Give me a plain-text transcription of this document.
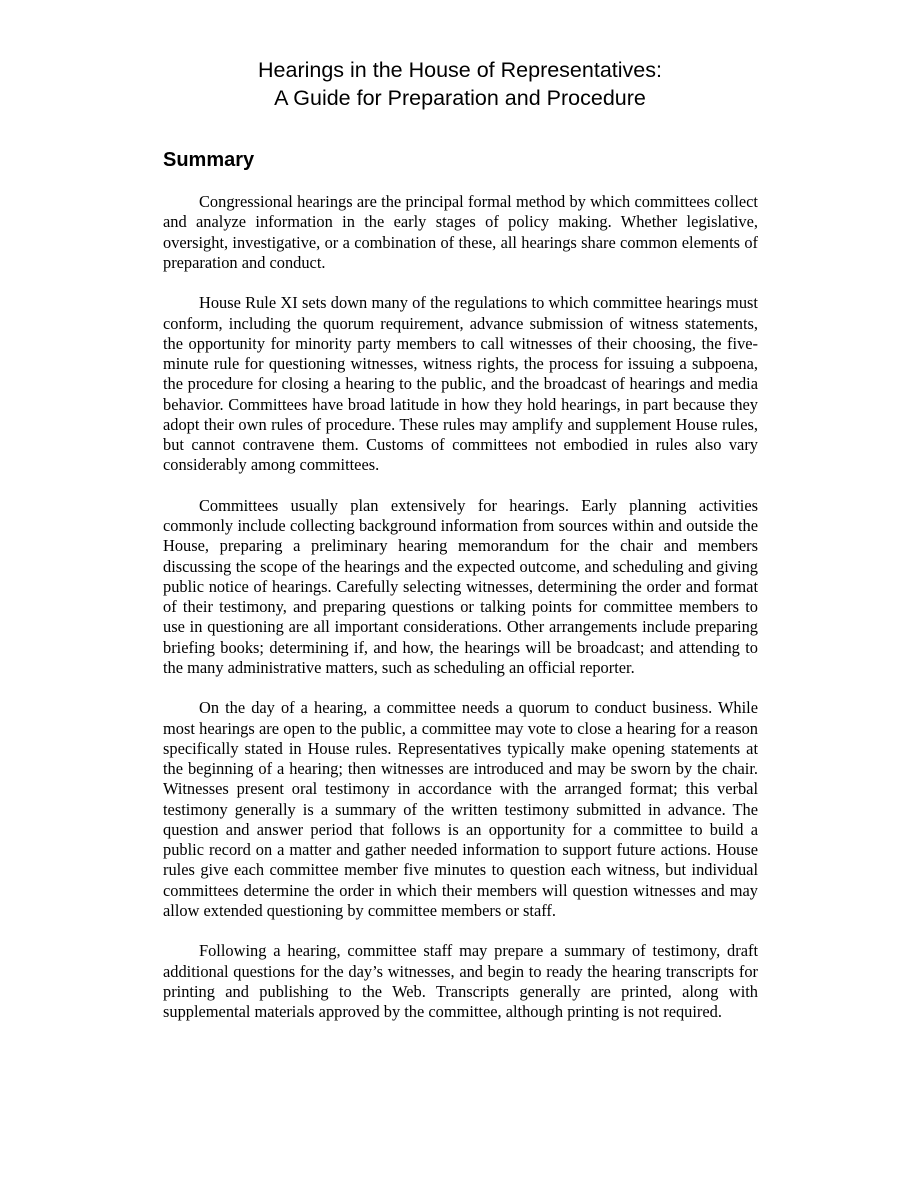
Hearings in the House of Representatives:
A Guide for Preparation and Procedure
Summary

Congressional hearings are the principal formal method by which committees collect and analyze information in the early stages of policy making. Whether legislative, oversight, investigative, or a combination of these, all hearings share common elements of preparation and conduct.

House Rule XI sets down many of the regulations to which committee hearings must conform, including the quorum requirement, advance submission of witness statements, the opportunity for minority party members to call witnesses of their choosing, the five-minute rule for questioning witnesses, witness rights, the process for issuing a subpoena, the procedure for closing a hearing to the public, and the broadcast of hearings and media behavior. Committees have broad latitude in how they hold hearings, in part because they adopt their own rules of procedure. These rules may amplify and supplement House rules, but cannot contravene them. Customs of committees not embodied in rules also vary considerably among committees.

Committees usually plan extensively for hearings. Early planning activities commonly include collecting background information from sources within and outside the House, preparing a preliminary hearing memorandum for the chair and members discussing the scope of the hearings and the expected outcome, and scheduling and giving public notice of hearings. Carefully selecting witnesses, determining the order and format of their testimony, and preparing questions or talking points for committee members to use in questioning are all important considerations. Other arrangements include preparing briefing books; determining if, and how, the hearings will be broadcast; and attending to the many administrative matters, such as scheduling an official reporter.

On the day of a hearing, a committee needs a quorum to conduct business. While most hearings are open to the public, a committee may vote to close a hearing for a reason specifically stated in House rules. Representatives typically make opening statements at the beginning of a hearing; then witnesses are introduced and may be sworn by the chair. Witnesses present oral testimony in accordance with the arranged format; this verbal testimony generally is a summary of the written testimony submitted in advance. The question and answer period that follows is an opportunity for a committee to build a public record on a matter and gather needed information to support future actions. House rules give each committee member five minutes to question each witness, but individual committees determine the order in which their members will question witnesses and may allow extended questioning by committee members or staff.

Following a hearing, committee staff may prepare a summary of testimony, draft additional questions for the day’s witnesses, and begin to ready the hearing transcripts for printing and publishing to the Web. Transcripts generally are printed, along with supplemental materials approved by the committee, although printing is not required.
